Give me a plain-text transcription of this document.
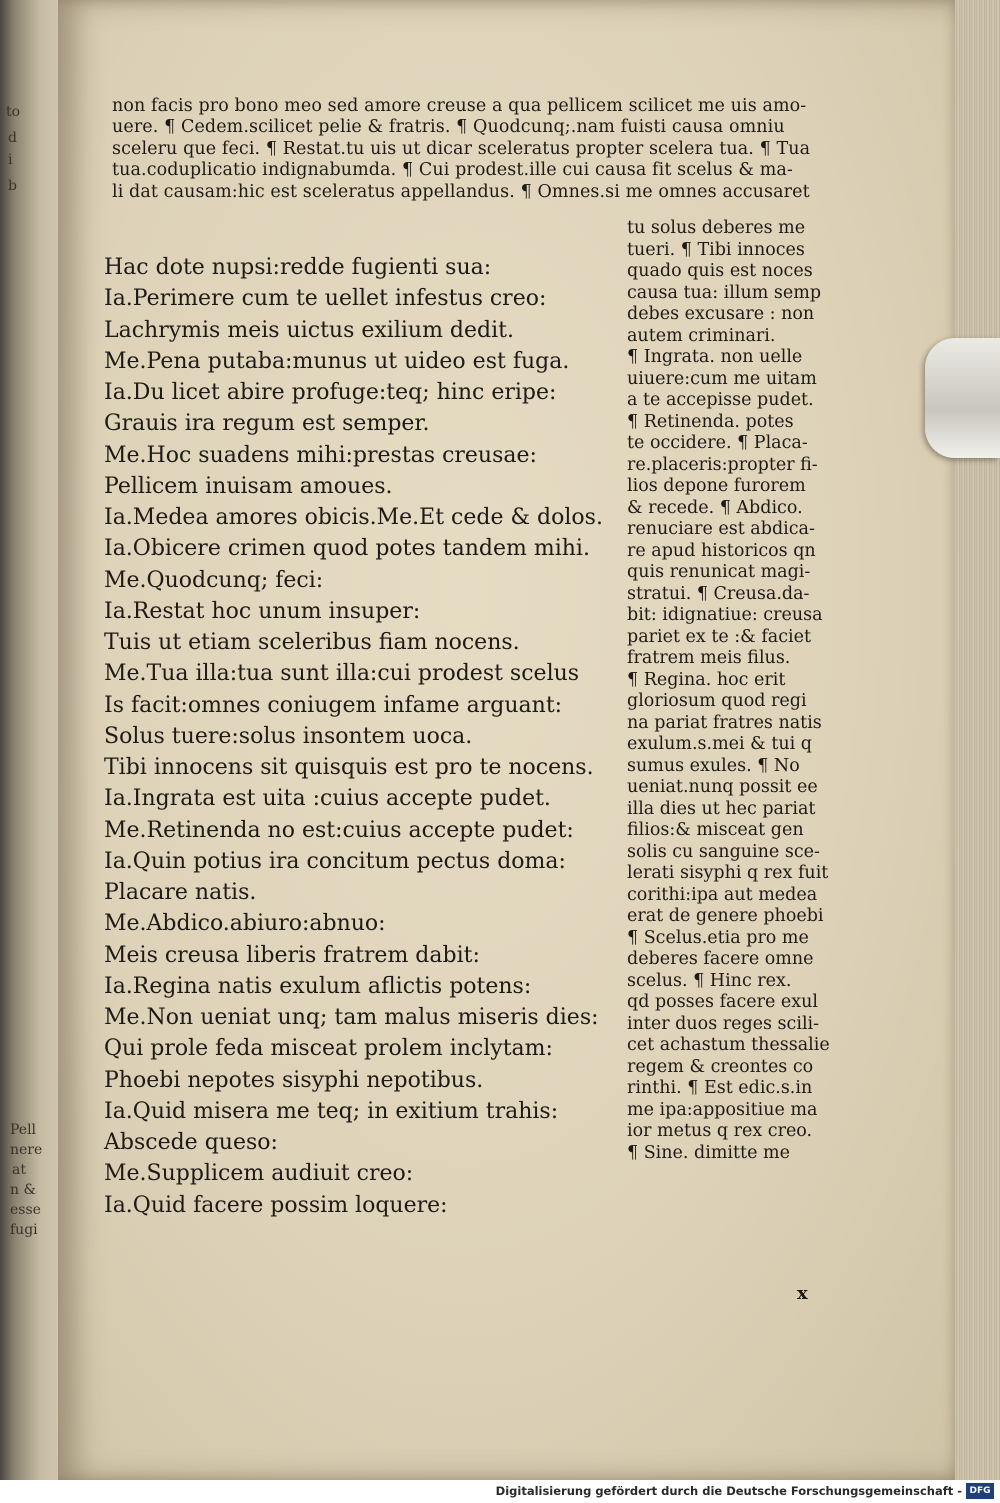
to
d
i
b
Pell
nere
at
n &
esse
fugi
non facis pro bono meo sed amore creuse a qua pellicem scilicet me uis amo-
uere. ¶ Cedem.scilicet pelie & fratris. ¶ Quodcunq;.nam fuisti causa omniu
sceleru que feci. ¶ Restat.tu uis ut dicar sceleratus propter scelera tua. ¶ Tua
tua.coduplicatio indignabumda. ¶ Cui prodest.ille cui causa fit scelus & ma-
li dat causam:hic est sceleratus appellandus. ¶ Omnes.si me omnes accusaret
Hac dote nupsi:redde fugienti sua:
Ia.Perimere cum te uellet infestus creo:
Lachrymis meis uictus exilium dedit.
Me.Pena putaba:munus ut uideo est fuga.
Ia.Du licet abire profuge:teq; hinc eripe:
Grauis ira regum est semper.
Me.Hoc suadens mihi:prestas creusae:
Pellicem inuisam amoues.
Ia.Medea amores obicis.Me.Et cede & dolos.
Ia.Obicere crimen quod potes tandem mihi.
Me.Quodcunq; feci:
Ia.Restat hoc unum insuper:
Tuis ut etiam sceleribus fiam nocens.
Me.Tua illa:tua sunt illa:cui prodest scelus
Is facit:omnes coniugem infame arguant:
Solus tuere:solus insontem uoca.
Tibi innocens sit quisquis est pro te nocens.
Ia.Ingrata est uita :cuius accepte pudet.
Me.Retinenda no est:cuius accepte pudet:
Ia.Quin potius ira concitum pectus doma:
Placare natis.
Me.Abdico.abiuro:abnuo:
Meis creusa liberis fratrem dabit:
Ia.Regina natis exulum aflictis potens:
Me.Non ueniat unq; tam malus miseris dies:
Qui prole feda misceat prolem inclytam:
Phoebi nepotes sisyphi nepotibus.
Ia.Quid misera me teq; in exitium trahis:
Abscede queso:
Me.Supplicem audiuit creo:
Ia.Quid facere possim loquere:
tu solus deberes me
tueri. ¶ Tibi innoces
quado quis est noces
causa tua: illum semp
debes excusare : non
autem criminari.
¶ Ingrata. non uelle
uiuere:cum me uitam
a te accepisse pudet.
¶ Retinenda. potes
te occidere. ¶ Placa-
re.placeris:propter fi-
lios depone furorem
& recede. ¶ Abdico.
renuciare est abdica-
re apud historicos qn
quis renunicat magi-
stratui. ¶ Creusa.da-
bit: idignatiue: creusa
pariet ex te :& faciet
fratrem meis filus.
¶ Regina. hoc erit
gloriosum quod regi
na pariat fratres natis
exulum.s.mei & tui q
sumus exules. ¶ No
ueniat.nunq possit ee
illa dies ut hec pariat
filios:& misceat gen
solis cu sanguine sce-
lerati sisyphi q rex fuit
corithi:ipa aut medea
erat de genere phoebi
¶ Scelus.etia pro me
deberes facere omne
scelus. ¶ Hinc rex.
qd posses facere exul
inter duos reges scili-
cet achastum thessalie
regem & creontes co
rinthi. ¶ Est edic.s.in
me ipa:appositiue ma
ior metus q rex creo.
¶ Sine. dimitte me
x
Digitalisierung gefördert durch die Deutsche Forschungsgemeinschaft - DFG
